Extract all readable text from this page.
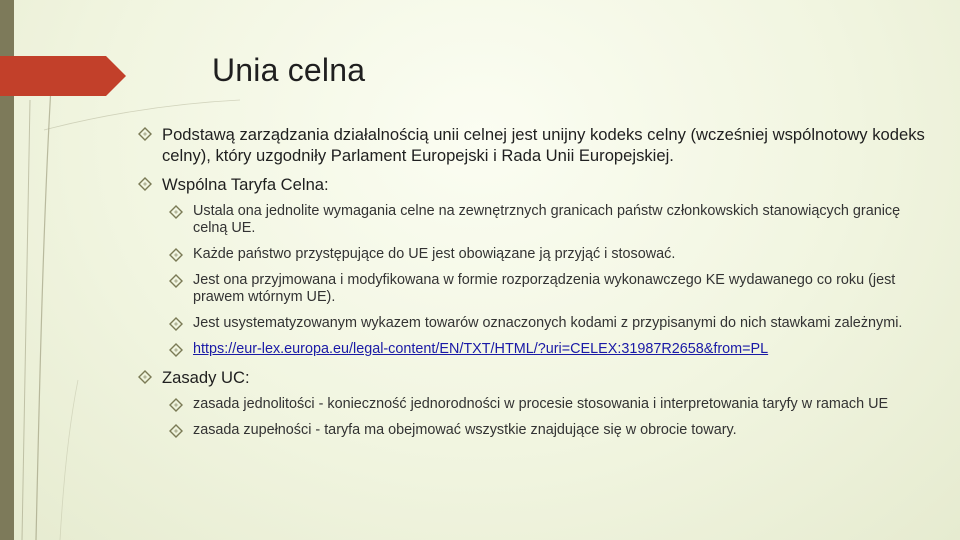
Unia celna
Podstawą zarządzania działalnością unii celnej jest unijny kodeks celny (wcześniej wspólnotowy kodeks celny), który uzgodniły Parlament Europejski i Rada Unii Europejskiej.
Wspólna Taryfa Celna:
Ustala ona jednolite wymagania celne na zewnętrznych granicach państw członkowskich stanowiących granicę celną UE.
Każde państwo przystępujące do UE jest obowiązane ją przyjąć i stosować.
Jest ona przyjmowana i modyfikowana w formie rozporządzenia wykonawczego KE wydawanego co roku (jest prawem wtórnym UE).
Jest usystematyzowanym wykazem towarów oznaczonych kodami z przypisanymi do nich stawkami zależnymi.
https://eur-lex.europa.eu/legal-content/EN/TXT/HTML/?uri=CELEX:31987R2658&from=PL
Zasady UC:
zasada jednolitości - konieczność jednorodności w procesie stosowania i interpretowania taryfy w ramach UE
zasada zupełności - taryfa ma obejmować wszystkie znajdujące się w obrocie towary.
